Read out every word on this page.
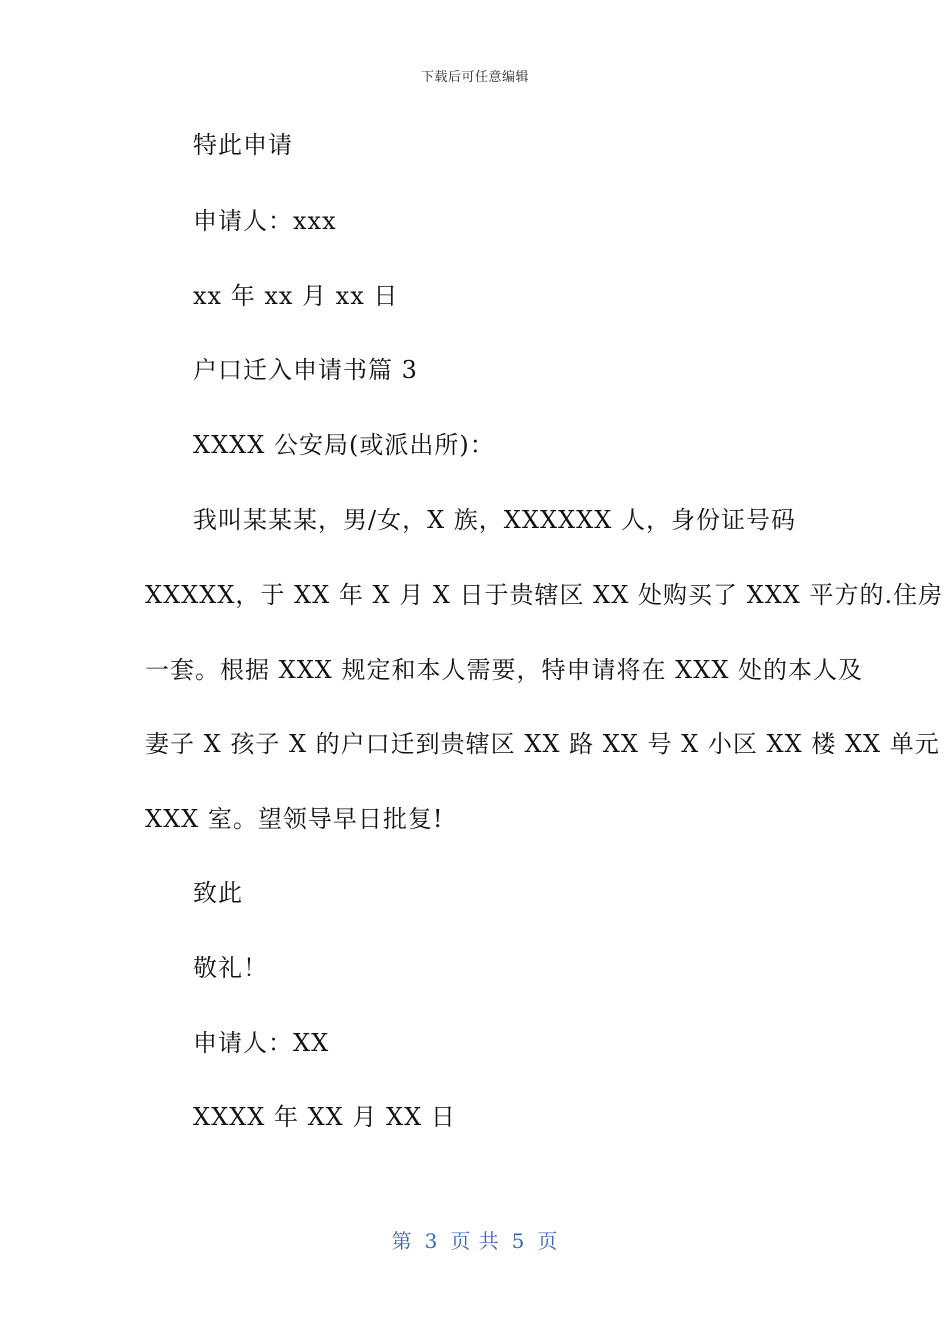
下载后可任意编辑
特此申请
申请人：xxx
xx 年 xx 月 xx 日
户口迁入申请书篇 3
XXXX 公安局(或派出所)：
我叫某某某，男/女，X 族，XXXXXX 人，身份证号码
XXXXX，于 XX 年 X 月 X 日于贵辖区 XX 处购买了 XXX 平方的.住房
一套。根据 XXX 规定和本人需要，特申请将在 XXX 处的本人及
妻子 X 孩子 X 的户口迁到贵辖区 XX 路 XX 号 X 小区 XX 楼 XX 单元
XXX 室。望领导早日批复!
致此
敬礼！
申请人：XX
XXXX 年 XX 月 XX 日
第 3 页 共 5 页
